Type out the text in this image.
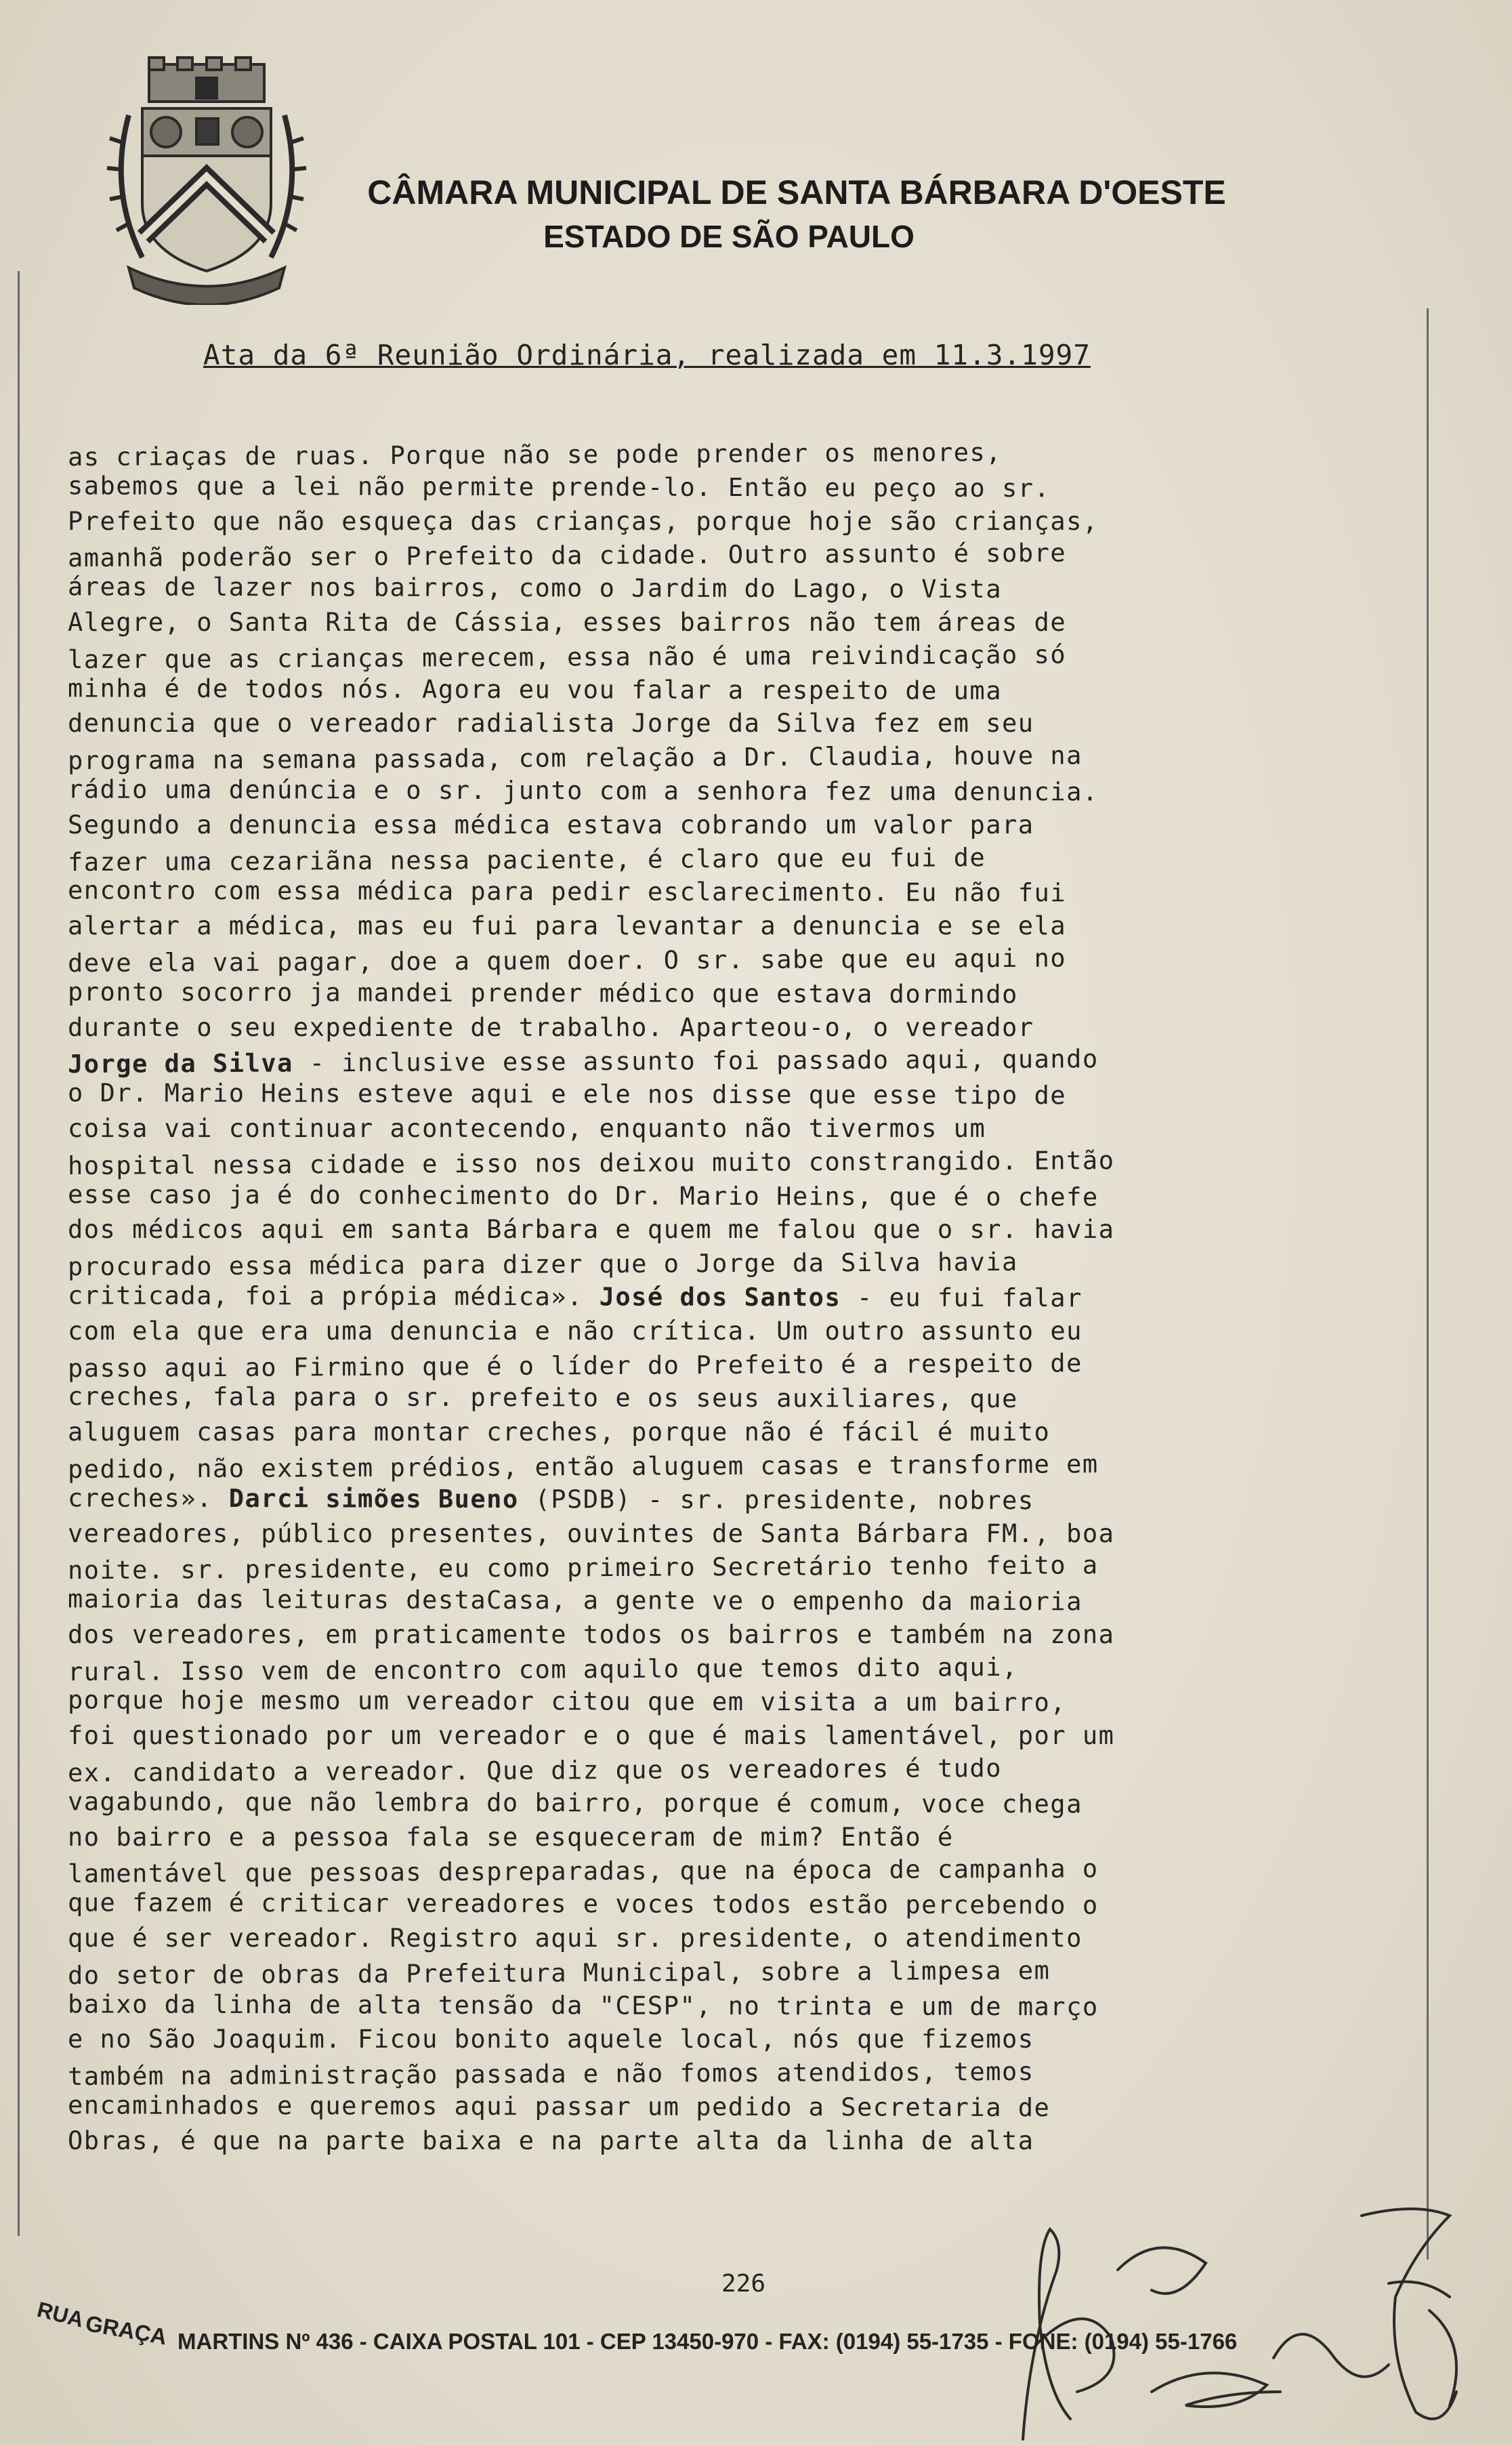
CÂMARA MUNICIPAL DE SANTA BÁRBARA D'OESTE
ESTADO DE SÃO PAULO
Ata da 6ª Reunião Ordinária, realizada em 11.3.1997
as criaças de ruas. Porque não se pode prender os menores,
sabemos que a lei não permite prende-lo. Então eu peço ao sr.
Prefeito que não esqueça das crianças, porque hoje são crianças,
amanhã poderão ser o Prefeito da cidade. Outro assunto é sobre
áreas de lazer nos bairros, como o Jardim do Lago, o Vista
Alegre, o Santa Rita de Cássia, esses bairros não tem áreas de
lazer que as crianças merecem, essa não é uma reivindicação só
minha é de todos nós. Agora eu vou falar a respeito de uma
denuncia que o vereador radialista Jorge da Silva fez em seu
programa na semana passada, com relação a Dr. Claudia, houve na
rádio uma denúncia e o sr. junto com a senhora fez uma denuncia.
Segundo a denuncia essa médica estava cobrando um valor para
fazer uma cezariãna nessa paciente, é claro que eu fui de
encontro com essa médica para pedir esclarecimento. Eu não fui
alertar a médica, mas eu fui para levantar a denuncia e se ela
deve ela vai pagar, doe a quem doer. O sr. sabe que eu aqui no
pronto socorro ja mandei prender médico que estava dormindo
durante o seu expediente de trabalho. Aparteou-o, o vereador
Jorge da Silva - inclusive esse assunto foi passado aqui, quando
o Dr. Mario Heins esteve aqui e ele nos disse que esse tipo de
coisa vai continuar acontecendo, enquanto não tivermos um
hospital nessa cidade e isso nos deixou muito constrangido. Então
esse caso ja é do conhecimento do Dr. Mario Heins, que é o chefe
dos médicos aqui em santa Bárbara e quem me falou que o sr. havia
procurado essa médica para dizer que o Jorge da Silva havia
criticada, foi a própia médica». José dos Santos - eu fui falar
com ela que era uma denuncia e não crítica. Um outro assunto eu
passo aqui ao Firmino que é o líder do Prefeito é a respeito de
creches, fala para o sr. prefeito e os seus auxiliares, que
aluguem casas para montar creches, porque não é fácil é muito
pedido, não existem prédios, então aluguem casas e transforme em
creches». Darci simões Bueno (PSDB) - sr. presidente, nobres
vereadores, público presentes, ouvintes de Santa Bárbara FM., boa
noite. sr. presidente, eu como primeiro Secretário tenho feito a
maioria das leituras destaCasa, a gente ve o empenho da maioria
dos vereadores, em praticamente todos os bairros e também na zona
rural. Isso vem de encontro com aquilo que temos dito aqui,
porque hoje mesmo um vereador citou que em visita a um bairro,
foi questionado por um vereador e o que é mais lamentável, por um
ex. candidato a vereador. Que diz que os vereadores é tudo
vagabundo, que não lembra do bairro, porque é comum, voce chega
no bairro e a pessoa fala se esqueceram de mim? Então é
lamentável que pessoas despreparadas, que na época de campanha o
que fazem é criticar vereadores e voces todos estão percebendo o
que é ser vereador. Registro aqui sr. presidente, o atendimento
do setor de obras da Prefeitura Municipal, sobre a limpesa em
baixo da linha de alta tensão da "CESP", no trinta e um de março
e no São Joaquim. Ficou bonito aquele local, nós que fizemos
também na administração passada e não fomos atendidos, temos
encaminhados e queremos aqui passar um pedido a Secretaria de
Obras, é que na parte baixa e na parte alta da linha de alta
226
RUA
GRAÇA MARTINS Nº 436 - CAIXA POSTAL 101 - CEP 13450-970 - FAX: (0194) 55-1735 - FONE: (0194) 55-1766
